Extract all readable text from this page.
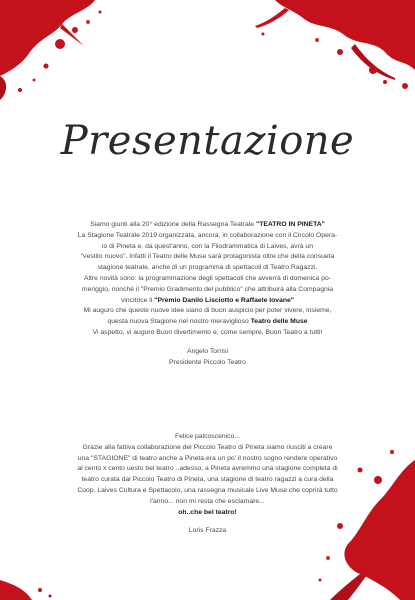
Presentazione
Siamo giunti alla 20° edizione della Rassegna Teatrale "TEATRO IN PINETA"
La Stagione Teatrale 2019 organizzata, ancora, in collaborazione con il Circolo Opera-
io di Pineta e, da quest'anno, con la Filodrammatica di Laives, avrà un
"vestito nuovo". Infatti il Teatro delle Muse sarà protagonista oltre che della consueta
stagione teatrale, anche di un programma di spettacoli di Teatro Ragazzi.
Altre novità sono: la programmazione degli spettacoli che avverrà di domenica po-
meriggio, nonché il "Premio Gradimento del pubblico" che attribuirà alla Compagnia
vincitrice il "Premio Danilo Lisciotto e Raffaele Iovane"
Mi auguro che queste nuove idee siano di buon auspicio per poter vivere, insieme,
questa nuova Stagione nel nostro meraviglioso Teatro delle Muse
Vi aspetto, vi auguro Buon divertimento e, come sempre, Buon Teatro a tutti!
Angelo Torrisi
Presidente Piccolo Teatro
Felice palcoscenico...
Grazie alla fattiva collaborazione del Piccolo Teatro di Pineta siamo riusciti a creare
una "STAGIONE" di teatro anche a Pineta,era un po' il nostro sogno rendere operativo
al cento x cento uesto bel teatro ..adesso, a Pineta avremmo una stagione completa di
teatro curata dal Piccolo Teatro di Pineta, una stagione di teatro ragazzi a cura della
Coop. Laives Cultura e Spettacolo, una rassegna musicale Live Muse che coprirà tutto
l'anno... non mi resta che esclamare...
oh..che bel teatro!
Loris Frazza
